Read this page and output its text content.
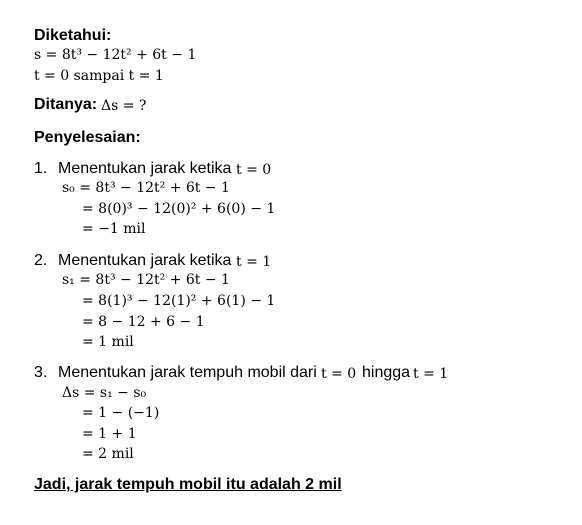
Diketahui:
s = 8t³ − 12t² + 6t − 1
t = 0 sampai t = 1
Ditanya: Δs = ?
Penyelesaian:
1. Menentukan jarak ketika t = 0
s₀ = 8t³ − 12t² + 6t − 1
= 8(0)³ − 12(0)² + 6(0) − 1
= −1 mil
2. Menentukan jarak ketika t = 1
s₁ = 8t³ − 12t² + 6t − 1
= 8(1)³ − 12(1)² + 6(1) − 1
= 8 − 12 + 6 − 1
= 1 mil
3. Menentukan jarak tempuh mobil dari t = 0 hingga t = 1
Δs = s₁ − s₀
= 1 − (−1)
= 1 + 1
= 2 mil
Jadi, jarak tempuh mobil itu adalah 2 mil
